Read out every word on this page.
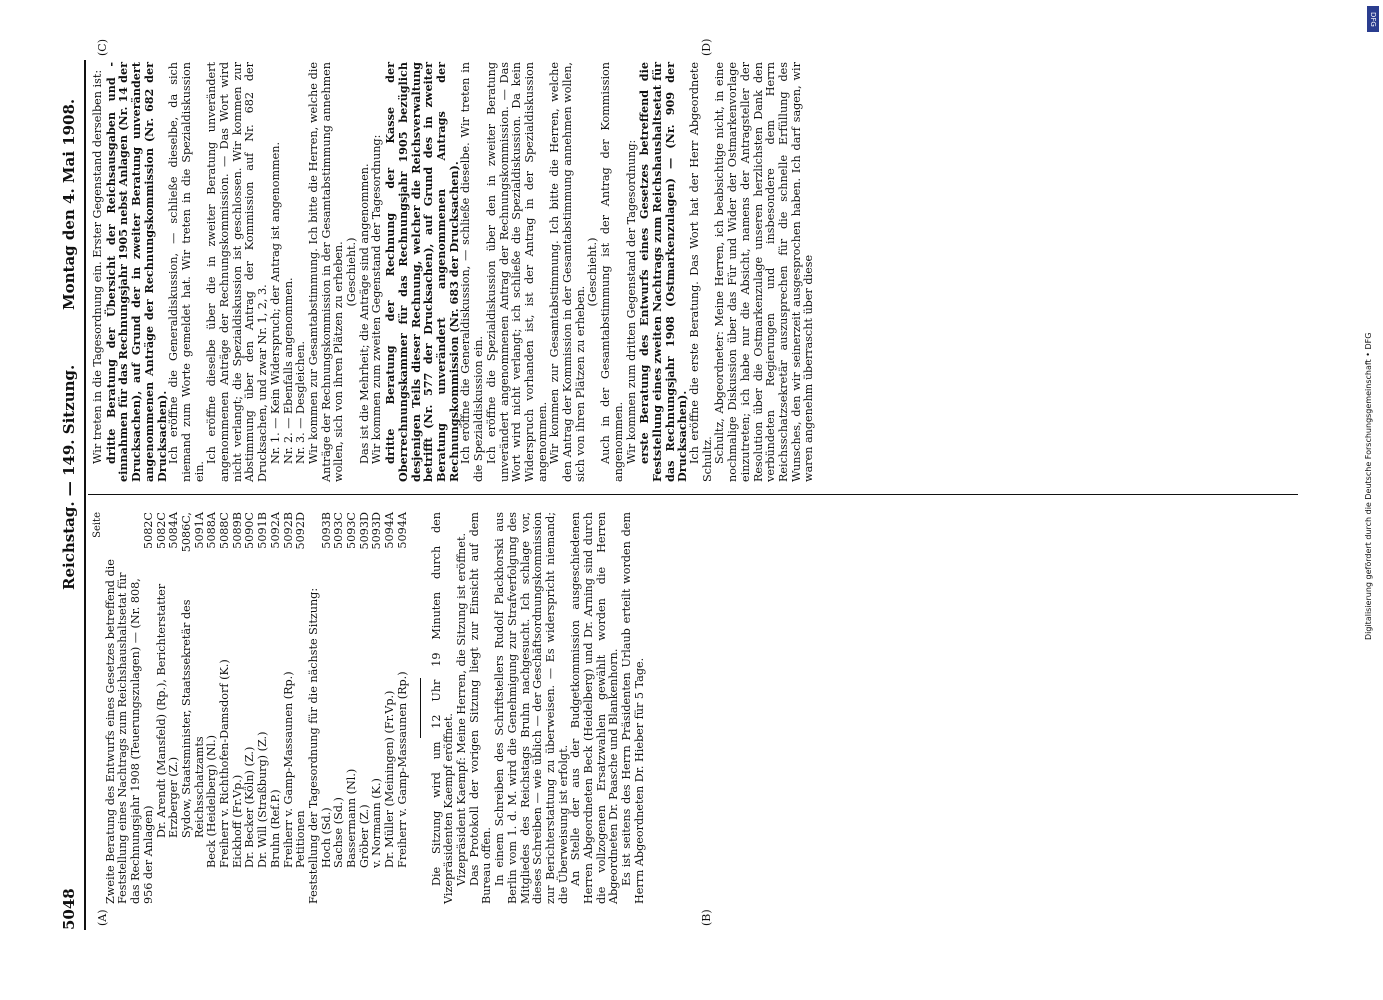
5048
Reichstag. — 149. Sitzung.
Montag den 4. Mai 1908.
(A)	(B)
(C)	(D)
Seite
Zweite Beratung des Entwurfs eines Gesetzes betreffend die Feststellung eines Nachtrags zum Reichshaushaltsetat für das Rechnungsjahr 1908 (Teuerungszulagen) — (Nr. 808, 956 der Anlagen)
5082C
Dr. Arendt (Mansfeld) (Rp.), Berichterstatter
5082C
Erzberger (Z.)
5084A
Sydow, Staatsminister, Staatssekretär des Reichsschatzamts
5086C, 5091A
Beck (Heidelberg) (Nl.)
5088A
Freiherr v. Richthofen-Damsdorf (K.)
5088C
Eickhoff (Fr.Vp.)
5089B
Dr. Becker (Köln) (Z.)
5090C
Dr. Will (Straßburg) (Z.)
5091B
Bruhn (Ref.P.)
5092A
Freiherr v. Gamp-Massaunen (Rp.)
5092B
Petitionen
5092D
Feststellung der Tagesordnung für die nächste Sitzung: Hoch (Sd.)
5093B
Sachse (Sd.)
5093C
Bassermann (Nl.)
5093C
Gröber (Z.)
5093D
v. Normann (K.)
5093D
Dr. Müller (Meiningen) (Fr.Vp.)
5094A
Freiherr v. Gamp-Massaunen (Rp.)
5094A Die Sitzung wird um 12 Uhr 19 Minuten durch den Vizepräsidenten Kaempf eröffnet. Vizepräsident Kaempf: Meine Herren, die Sitzung ist eröffnet. Das Protokoll der vorigen Sitzung liegt zur Einsicht auf dem Bureau offen. In einem Schreiben des Schriftstellers Rudolf Plackhorski aus Berlin vom 1. d. M. wird die Genehmigung zur Strafverfolgung des Mitgliedes des Reichstags Bruhn nachgesucht. Ich schlage vor, dieses Schreiben — wie üblich — der Geschäftsordnungskommission zur Berichterstattung zu überweisen. — Es widerspricht niemand; die Überweisung ist erfolgt. An Stelle der aus der Budgetkommission ausgeschiedenen Herren Abgeordneten Beck (Heidelberg) und Dr. Arning sind durch die vollzogenen Ersatzwahlen gewählt worden die Herren Abgeordneten Dr. Paasche und Blankenhorn. Es ist seitens des Herrn Präsidenten Urlaub erteilt worden dem Herrn Abgeordneten Dr. Hieber für 5 Tage.

Wir treten in die Tagesordnung ein. Erster Gegenstand derselben ist: dritte Beratung der Übersicht der Reichsausgaben und -einnahmen für das Rechnungsjahr 1905 nebst Anlagen (Nr. 14 der Drucksachen), auf Grund der in zweiter Beratung unverändert angenommenen Anträge der Rechnungskommission (Nr. 682 der Drucksachen).

Ich eröffne die Generaldiskussion, — schließe dieselbe, da sich niemand zum Worte gemeldet hat. Wir treten in die Spezialdiskussion ein.

Ich eröffne dieselbe über die in zweiter Beratung unverändert angenommenen Anträge der Rechnungskommission. — Das Wort wird nicht verlangt; die Spezialdiskussion ist geschlossen. Wir kommen zur Abstimmung über den Antrag der Kommission auf Nr. 682 der Drucksachen, und zwar Nr. 1, 2, 3. Nr. 1. — Kein Widerspruch; der Antrag ist angenommen. Nr. 2. — Ebenfalls angenommen. Nr. 3. — Desgleichen. Wir kommen zur Gesamtabstimmung. Ich bitte die Herren, welche die Anträge der Rechnungskommission in der Gesamtabstimmung annehmen wollen, sich von ihren Plätzen zu erheben. (Geschieht.) Das ist die Mehrheit; die Anträge sind angenommen. Wir kommen zum zweiten Gegenstand der Tagesordnung: dritte Beratung der Rechnung der Kasse der Oberrechnungskammer für das Rechnungsjahr 1905 bezüglich desjenigen Teils dieser Rechnung, welcher die Reichsverwaltung betrifft (Nr. 577 der Drucksachen), auf Grund des in zweiter Beratung unverändert angenommenen Antrags der Rechnungskommission (Nr. 683 der Drucksachen).

Ich eröffne die Generaldiskussion, — schließe dieselbe. Wir treten in die Spezialdiskussion ein. Ich eröffne die Spezialdiskussion über den in zweiter Beratung unverändert angenommenen Antrag der Rechnungskommission. — Das Wort wird nicht verlangt; ich schließe die Spezialdiskussion. Da kein Widerspruch vorhanden ist, ist der Antrag in der Spezialdiskussion angenommen. Wir kommen zur Gesamtabstimmung. Ich bitte die Herren, welche den Antrag der Kommission in der Gesamtabstimmung annehmen wollen, sich von ihren Plätzen zu erheben.

(Geschieht.) Auch in der Gesamtabstimmung ist der Antrag der Kommission angenommen. Wir kommen zum dritten Gegenstand der Tagesordnung: erste Beratung des Entwurfs eines Gesetzes betreffend die Feststellung eines zweiten Nachtrags zum Reichshaushaltsetat für das Rechnungsjahr 1908 (Ostmarkenzulagen) — (Nr. 909 der Drucksachen).

Ich eröffne die erste Beratung. Das Wort hat der Herr Abgeordnete Schultz. Schultz, Abgeordneter: Meine Herren, ich beabsichtige nicht, in eine nochmalige Diskussion über das Für und Wider der Ostmarkenvorlage einzutreten; ich habe nur die Absicht, namens der Antragsteller der Resolution über die Ostmarkenzulage unseren herzlichsten Dank den verbündeten Regierungen und insbesondere dem Herrn Reichsschatzsekretär auszusprechen für die schnelle Erfüllung des Wunsches, den wir seinerzeit ausgesprochen haben. Ich darf sagen, wir waren angenehm überrascht über diese

DFG
Digitalisierung gefördert durch die Deutsche Forschungsgemeinschaft • DFG
